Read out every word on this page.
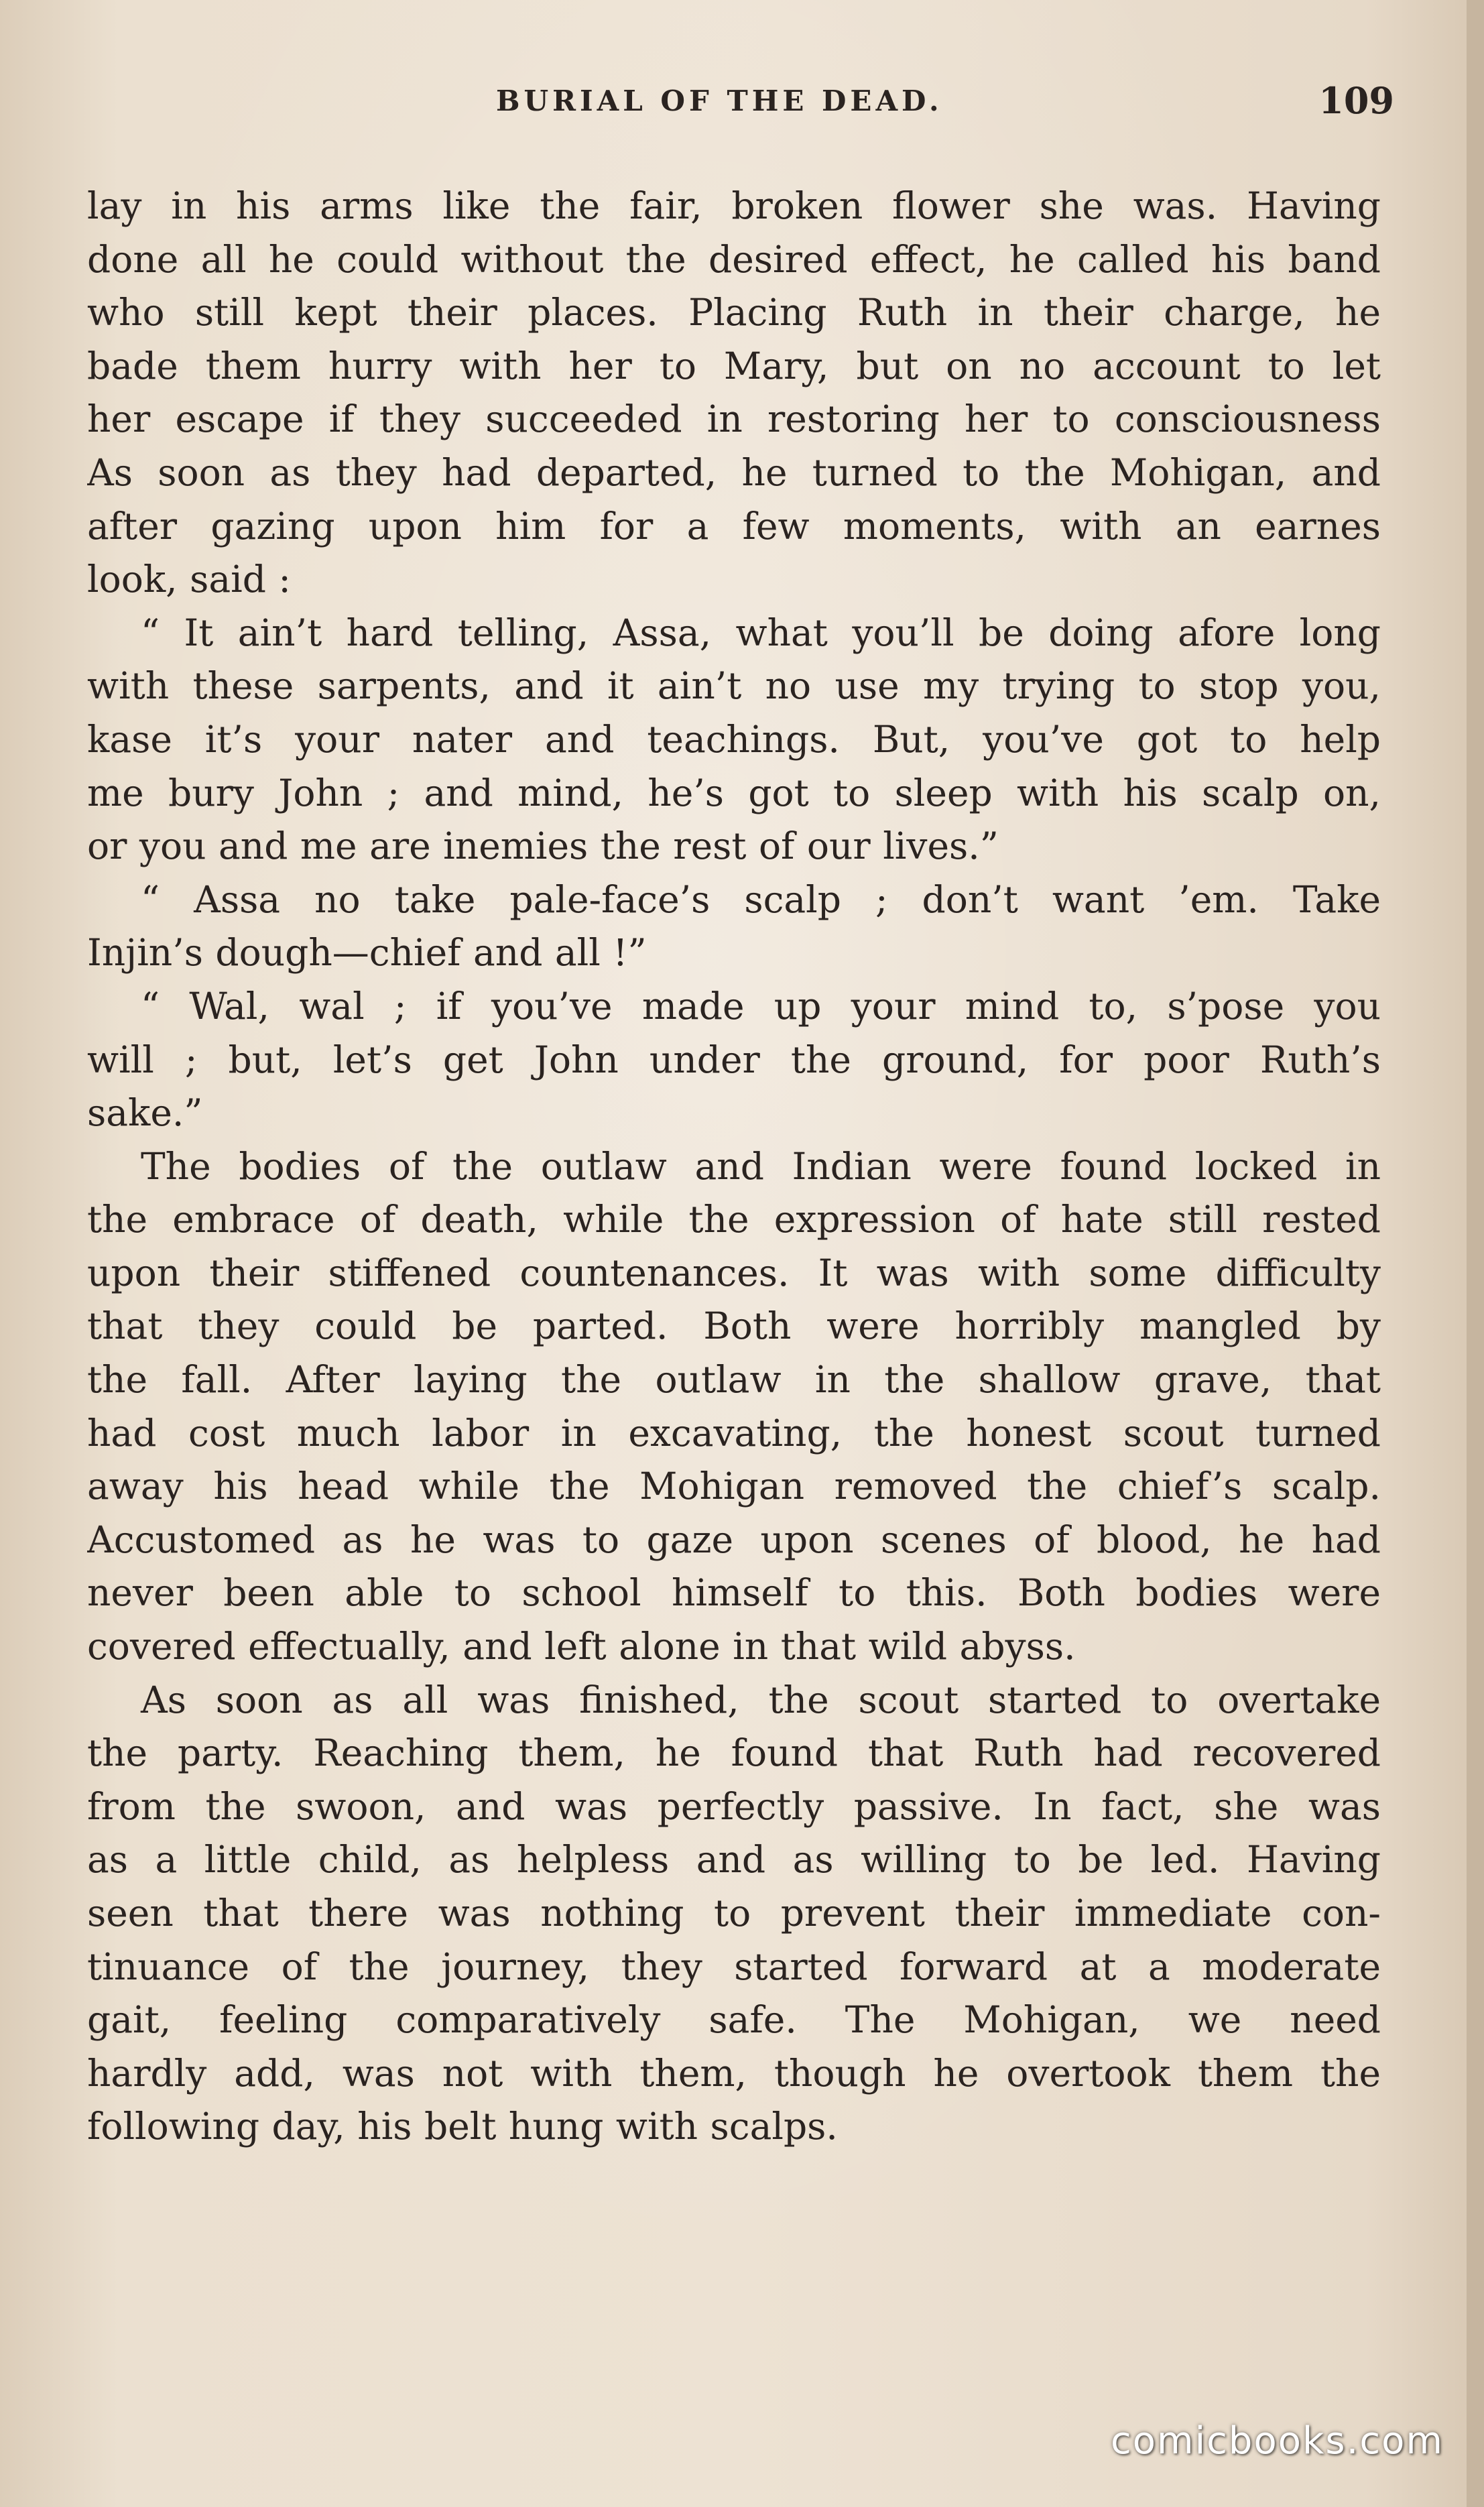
BURIAL OF THE DEAD.	109
lay in his arms like the fair, broken flower she was. Having
done all he could without the desired effect, he called his band
who still kept their places. Placing Ruth in their charge, he
bade them hurry with her to Mary, but on no account to let
her escape if they succeeded in restoring her to consciousness
As soon as they had departed, he turned to the Mohigan, and
after gazing upon him for a few moments, with an earnes
look, said :
“ It ain’t hard telling, Assa, what you’ll be doing afore long
with these sarpents, and it ain’t no use my trying to stop you,
kase it’s your nater and teachings. But, you’ve got to help
me bury John ; and mind, he’s got to sleep with his scalp on,
or you and me are inemies the rest of our lives.”
“ Assa no take pale-face’s scalp ; don’t want ’em. Take
Injin’s dough—chief and all !”
“ Wal, wal ; if you’ve made up your mind to, s’pose you
will ; but, let’s get John under the ground, for poor Ruth’s
sake.”
The bodies of the outlaw and Indian were found locked in
the embrace of death, while the expression of hate still rested
upon their stiffened countenances. It was with some difficulty
that they could be parted. Both were horribly mangled by
the fall. After laying the outlaw in the shallow grave, that
had cost much labor in excavating, the honest scout turned
away his head while the Mohigan removed the chief’s scalp.
Accustomed as he was to gaze upon scenes of blood, he had
never been able to school himself to this. Both bodies were
covered effectually, and left alone in that wild abyss.
As soon as all was finished, the scout started to overtake
the party. Reaching them, he found that Ruth had recovered
from the swoon, and was perfectly passive. In fact, she was
as a little child, as helpless and as willing to be led. Having
seen that there was nothing to prevent their immediate con-
tinuance of the journey, they started forward at a moderate
gait, feeling comparatively safe. The Mohigan, we need
hardly add, was not with them, though he overtook them the
following day, his belt hung with scalps.
comicbooks.com
